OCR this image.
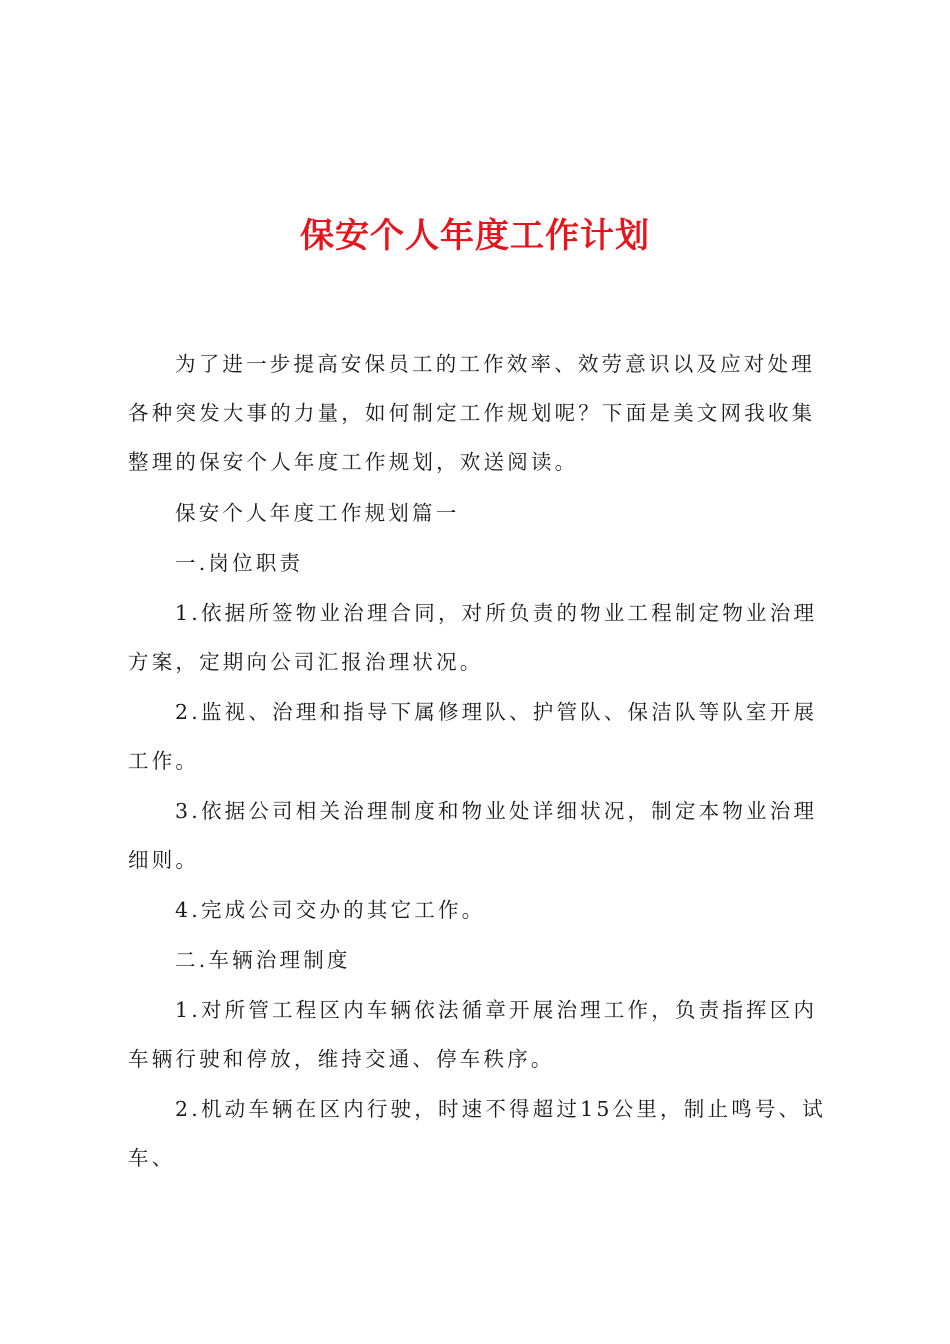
保安个人年度工作计划

为了进一步提高安保员工的工作效率、效劳意识以及应对处理各种突发大事的力量，如何制定工作规划呢？下面是美文网我收集整理的保安个人年度工作规划，欢送阅读。

保安个人年度工作规划篇一

一.岗位职责

1.依据所签物业治理合同，对所负责的物业工程制定物业治理方案，定期向公司汇报治理状况。

2.监视、治理和指导下属修理队、护管队、保洁队等队室开展工作。

3.依据公司相关治理制度和物业处详细状况，制定本物业治理细则。

4.完成公司交办的其它工作。

二.车辆治理制度

1.对所管工程区内车辆依法循章开展治理工作，负责指挥区内车辆行驶和停放，维持交通、停车秩序。

2.机动车辆在区内行驶，时速不得超过15公里，制止鸣号、试车、
